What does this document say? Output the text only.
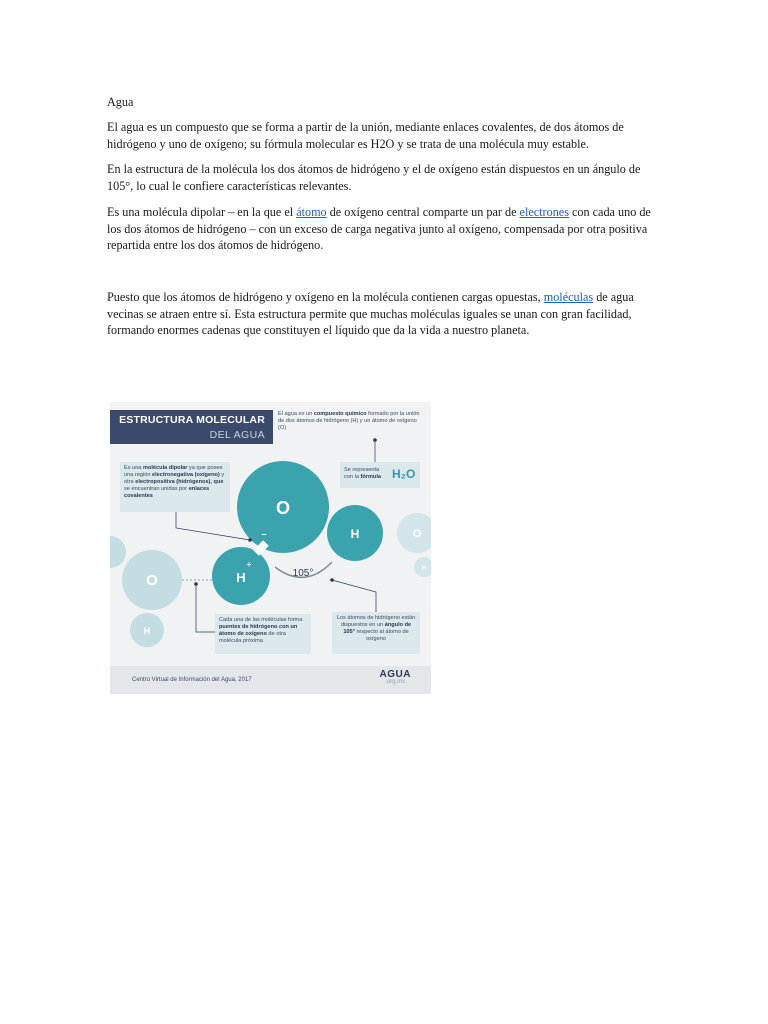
Agua

El agua es un compuesto que se forma a partir de la unión, mediante enlaces covalentes, de dos átomos de hidrógeno y uno de oxígeno; su fórmula molecular es H2O y se trata de una molécula muy estable.

En la estructura de la molécula los dos átomos de hidrógeno y el de oxígeno están dispuestos en un ángulo de 105°, lo cual le confiere características relevantes.

Es una molécula dipolar – en la que el átomo de oxígeno central comparte un par de electrones con cada uno de los dos átomos de hidrógeno – con un exceso de carga negativa junto al oxígeno, compensada por otra positiva repartida entre los dos átomos de hidrógeno.

Puesto que los átomos de hidrógeno y oxígeno en la molécula contienen cargas opuestas, moléculas de agua vecinas se atraen entre sí. Esta estructura permite que muchas moléculas iguales se unan con gran facilidad, formando enormes cadenas que constituyen el líquido que da la vida a nuestro planeta.

O
H
O
H
O
H
H
–
+
105°
ESTRUCTURA MOLECULAR
DEL AGUA
El agua es un compuesto químico formado por la unión de dos átomos de hidrógeno (H) y un átomo de oxígeno (O)
Se representa con la fórmula H₂O
Es una molécula dipolar ya que posee una región electronegativa (oxígeno) y otra electropositiva (hidrógenos), que se encuentran unidas por enlaces covalentes
Cada una de las moléculas forma puentes de hidrógeno con un átomo de oxígeno de otra molécula próxima
Los átomos de hidrógeno están dispuestos en un ángulo de 105° respecto al átomo de oxígeno
Centro Virtual de Información del Agua, 2017	AGUA
.org.mx
